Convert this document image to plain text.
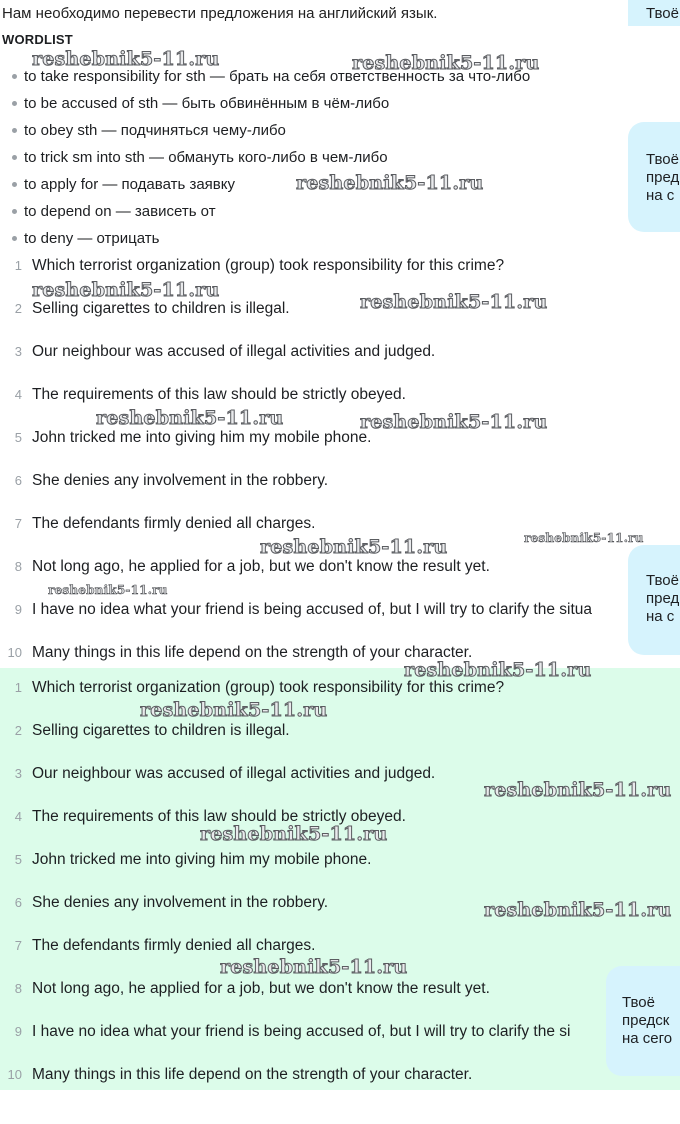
Нам необходимо перевести предложения на английский язык.
WORDLIST
to take responsibility for sth — брать на себя ответственность за что-либо
to be accused of sth — быть обвинённым в чём-либо
to obey sth — подчиняться чему-либо
to trick sm into sth — обмануть кого-либо в чем-либо
to apply for — подавать заявку
to depend on — зависеть от
to deny — отрицать
1 Which terrorist organization (group) took responsibility for this crime?
2 Selling cigarettes to children is illegal.
3 Our neighbour was accused of illegal activities and judged.
4 The requirements of this law should be strictly obeyed.
5 John tricked me into giving him my mobile phone.
6 She denies any involvement in the robbery.
7 The defendants firmly denied all charges.
8 Not long ago, he applied for a job, but we don't know the result yet.
9 I have no idea what your friend is being accused of, but I will try to clarify the situa
10 Many things in this life depend on the strength of your character.
1 Which terrorist organization (group) took responsibility for this crime?
2 Selling cigarettes to children is illegal.
3 Our neighbour was accused of illegal activities and judged.
4 The requirements of this law should be strictly obeyed.
5 John tricked me into giving him my mobile phone.
6 She denies any involvement in the robbery.
7 The defendants firmly denied all charges.
8 Not long ago, he applied for a job, but we don't know the result yet.
9 I have no idea what your friend is being accused of, but I will try to clarify the si
10 Many things in this life depend on the strength of your character.
Твоё
Твоё
пред
на с
Твоё
пред
на с
Твоё
предск
на сего
reshebnik5-11.ru	reshebnik5-11.ru
reshebnik5-11.ru
reshebnik5-11.ru
reshebnik5-11.ru
reshebnik5-11.ru	reshebnik5-11.ru
reshebnik5-11.ru	reshebnik5-11.ru
reshebnik5-11.ru
reshebnik5-11.ru
reshebnik5-11.ru
reshebnik5-11.ru
reshebnik5-11.ru
reshebnik5-11.ru
reshebnik5-11.ru
